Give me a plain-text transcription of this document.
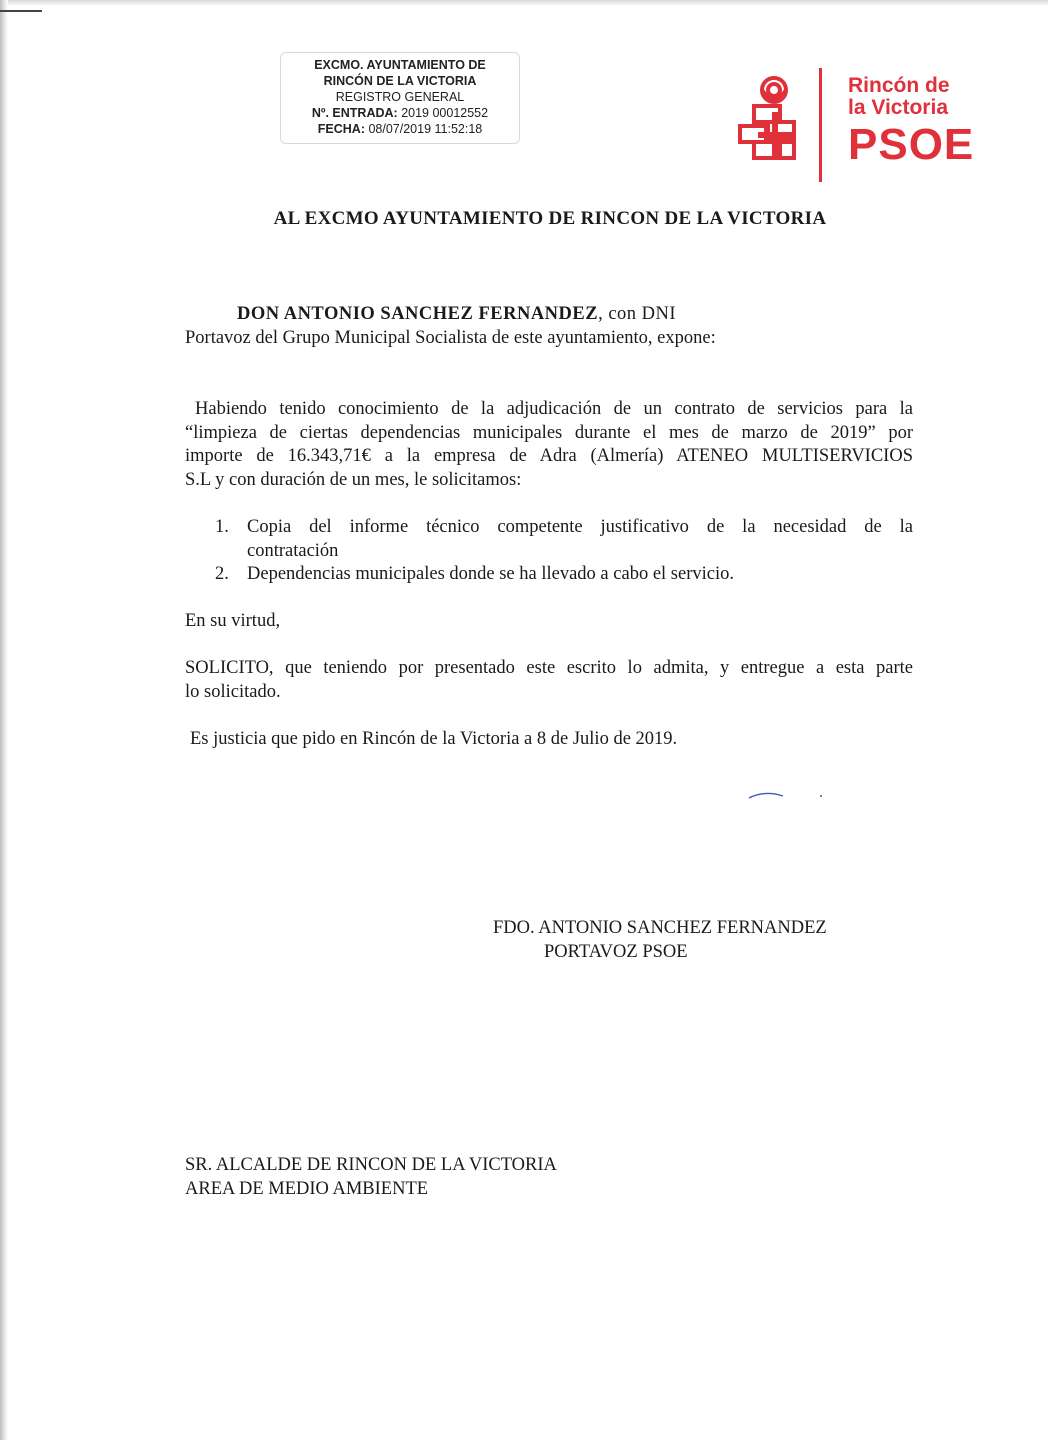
EXCMO. AYUNTAMIENTO DE
RINCÓN DE LA VICTORIA
REGISTRO GENERAL
Nº. ENTRADA: 2019 00012552
FECHA: 08/07/2019 11:52:18
Rincón de
la Victoria
PSOE
AL EXCMO AYUNTAMIENTO DE RINCON DE LA VICTORIA
DON ANTONIO SANCHEZ FERNANDEZ, con DNI
Portavoz del Grupo Municipal Socialista de este ayuntamiento, expone:
Habiendo tenido conocimiento de la adjudicación de un contrato de servicios para la
“limpieza de ciertas dependencias municipales durante el mes de marzo de 2019” por
importe de 16.343,71€ a la empresa de Adra (Almería) ATENEO MULTISERVICIOS
S.L y con duración de un mes, le solicitamos:
1. Copia del informe técnico competente justificativo de la necesidad de la
contratación
2. Dependencias municipales donde se ha llevado a cabo el servicio.
En su virtud,
SOLICITO, que teniendo por presentado este escrito lo admita, y entregue a esta parte
lo solicitado.
Es justicia que pido en Rincón de la Victoria a 8 de Julio de 2019.
FDO. ANTONIO SANCHEZ FERNANDEZ
PORTAVOZ PSOE
SR. ALCALDE DE RINCON DE LA VICTORIA
AREA DE MEDIO AMBIENTE
